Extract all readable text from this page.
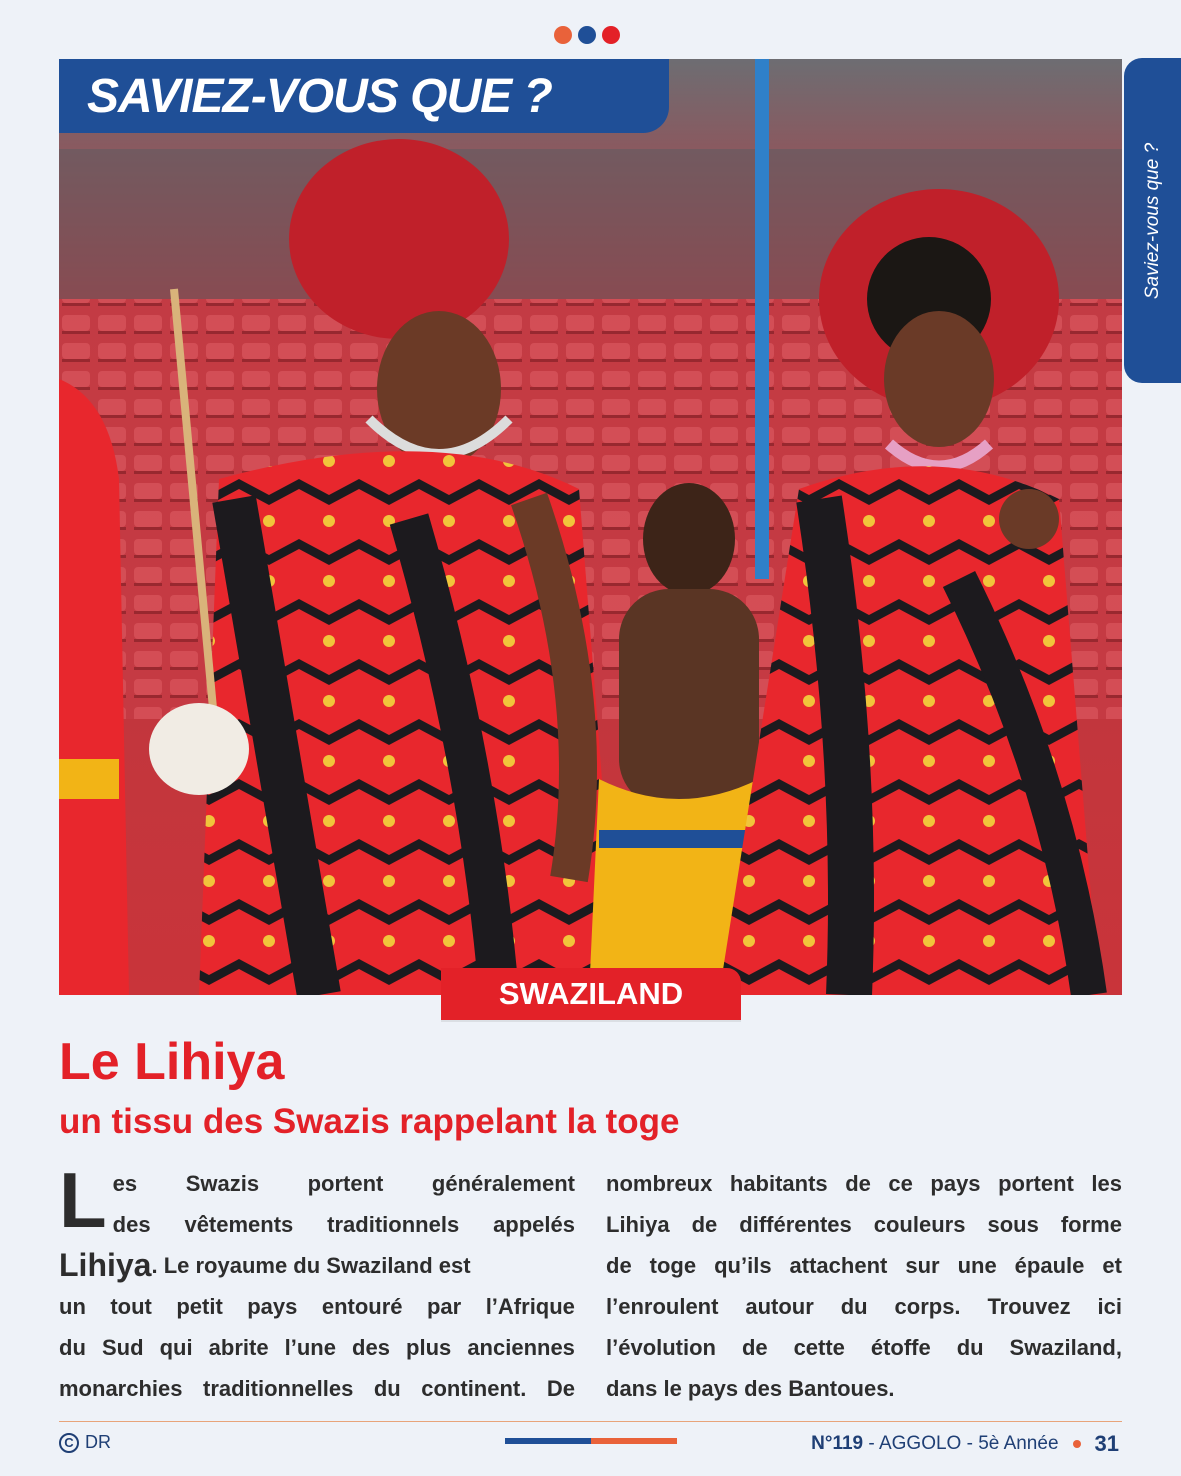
Saviez-vous que ?
SAVIEZ-VOUS QUE ?
SWAZILAND
Le Lihiya
un tissu des Swazis rappelant la toge
L es Swazis portent généralement
des vêtements traditionnels appelés
Lihiya . Le royaume du Swaziland est
un tout petit pays entouré par l’Afrique
du Sud qui abrite l’une des plus anciennes
monarchies traditionnelles du continent. De
nombreux habitants de ce pays portent les
Lihiya de différentes couleurs sous forme
de toge qu’ils attachent sur une épaule et
l’enroulent autour du corps. Trouvez ici
l’évolution de cette étoffe du Swaziland,
dans le pays des Bantoues.
C DR	N°119 - AGGOLO - 5è Année 31
